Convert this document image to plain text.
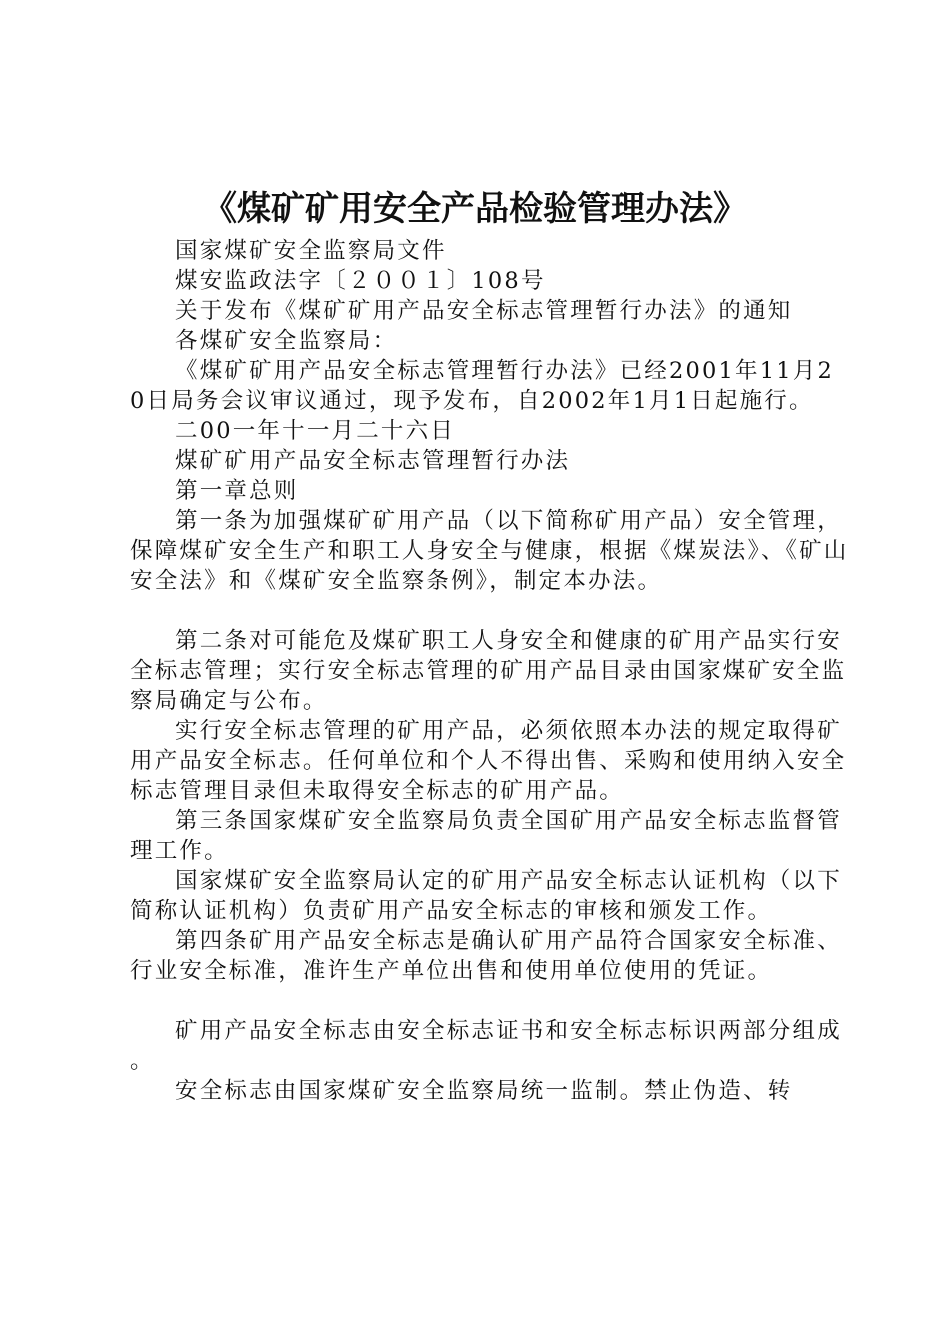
《煤矿矿用安全产品检验管理办法》

国家煤矿安全监察局文件

煤安监政法字〔２００１〕108号

关于发布《煤矿矿用产品安全标志管理暂行办法》的通知

各煤矿安全监察局：

《煤矿矿用产品安全标志管理暂行办法》已经2001年11月20日局务会议审议通过，现予发布，自2002年1月1日起施行。

二00一年十一月二十六日

煤矿矿用产品安全标志管理暂行办法

第一章总则

第一条为加强煤矿矿用产品（以下简称矿用产品）安全管理，保障煤矿安全生产和职工人身安全与健康，根据《煤炭法》、《矿山安全法》和《煤矿安全监察条例》，制定本办法。

第二条对可能危及煤矿职工人身安全和健康的矿用产品实行安全标志管理；实行安全标志管理的矿用产品目录由国家煤矿安全监察局确定与公布。

实行安全标志管理的矿用产品，必须依照本办法的规定取得矿用产品安全标志。任何单位和个人不得出售、采购和使用纳入安全标志管理目录但未取得安全标志的矿用产品。

第三条国家煤矿安全监察局负责全国矿用产品安全标志监督管理工作。

国家煤矿安全监察局认定的矿用产品安全标志认证机构（以下简称认证机构）负责矿用产品安全标志的审核和颁发工作。

第四条矿用产品安全标志是确认矿用产品符合国家安全标准、行业安全标准，准许生产单位出售和使用单位使用的凭证。

矿用产品安全标志由安全标志证书和安全标志标识两部分组成。

安全标志由国家煤矿安全监察局统一监制。禁止伪造、转
